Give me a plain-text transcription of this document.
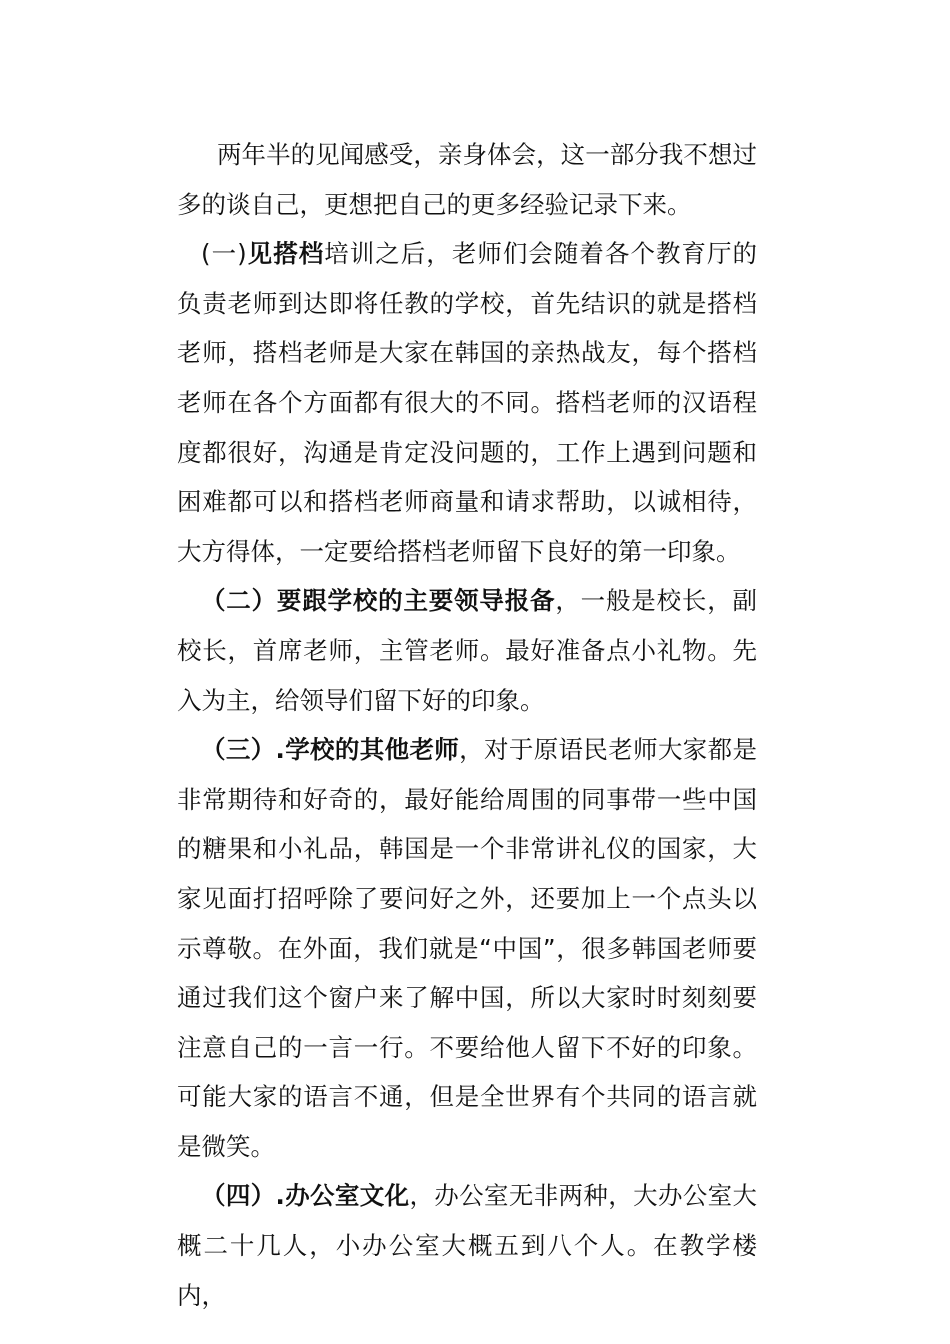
两年半的见闻感受，亲身体会，这一部分我不想过多的谈自己，更想把自己的更多经验记录下来。

(一)见搭档培训之后，老师们会随着各个教育厅的负责老师到达即将任教的学校，首先结识的就是搭档老师，搭档老师是大家在韩国的亲热战友，每个搭档老师在各个方面都有很大的不同。搭档老师的汉语程度都很好，沟通是肯定没问题的，工作上遇到问题和困难都可以和搭档老师商量和请求帮助，以诚相待，大方得体，一定要给搭档老师留下良好的第一印象。

（二）要跟学校的主要领导报备，一般是校长，副校长，首席老师，主管老师。最好准备点小礼物。先入为主，给领导们留下好的印象。

（三）.学校的其他老师，对于原语民老师大家都是非常期待和好奇的，最好能给周围的同事带一些中国的糖果和小礼品，韩国是一个非常讲礼仪的国家，大家见面打招呼除了要问好之外，还要加上一个点头以示尊敬。在外面，我们就是“中国”，很多韩国老师要通过我们这个窗户来了解中国，所以大家时时刻刻要注意自己的一言一行。不要给他人留下不好的印象。可能大家的语言不通，但是全世界有个共同的语言就是微笑。

（四）.办公室文化，办公室无非两种，大办公室大概二十几人，小办公室大概五到八个人。在教学楼内，
